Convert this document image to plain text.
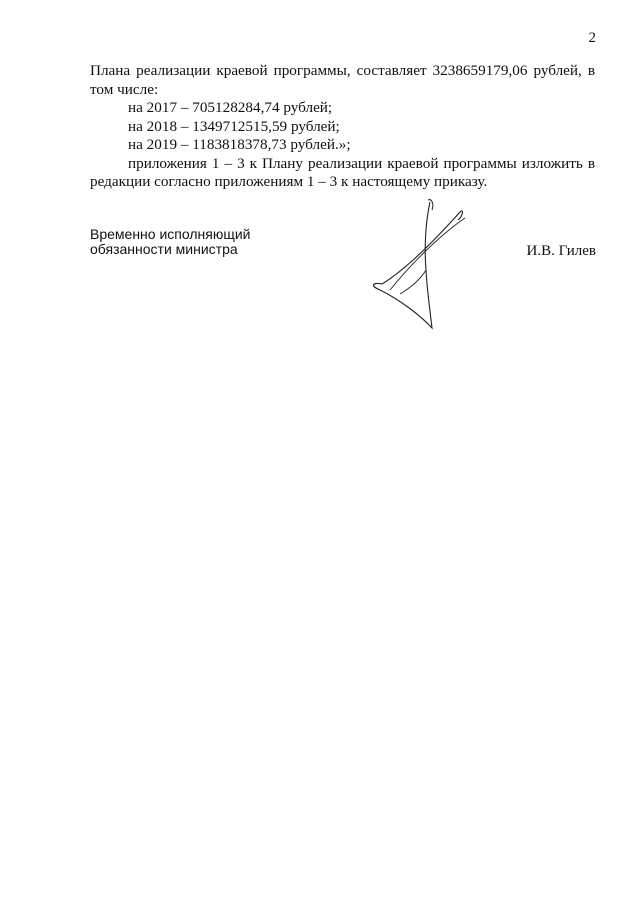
2

Плана реализации краевой программы, составляет 3238659179,06 рублей, в том числе:

на 2017 – 705128284,74 рублей;

на 2018 – 1349712515,59 рублей;

на 2019 – 1183818378,73 рублей.»;

приложения 1 – 3 к Плану реализации краевой программы изложить в редакции согласно приложениям 1 – 3 к настоящему приказу.

Временно исполняющий
обязанности министра	И.В. Гилев
